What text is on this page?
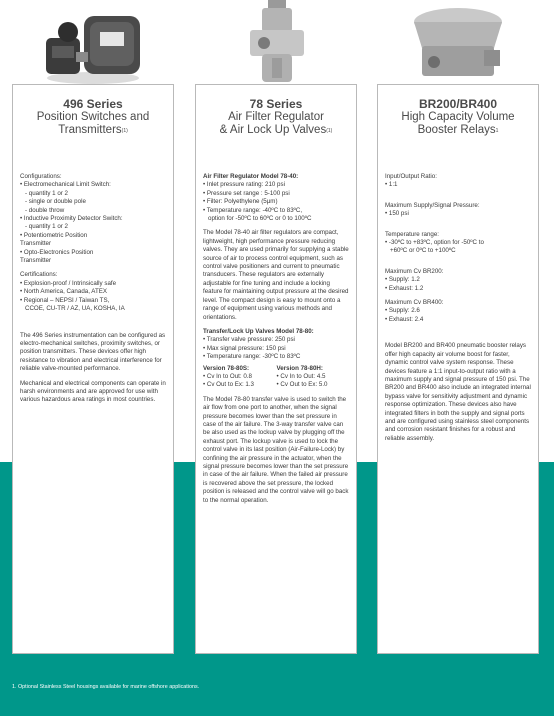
496 Series
Position Switches and
Transmitters$^{(1)}$
Configurations:
• Electromechanical Limit Switch:
- quantity 1 or 2
- single or double pole
- double throw
• Inductive Proximity Detector Switch:
- quantity 1 or 2
• Potentiometric Position
Transmitter
• Opto-Electronics Position
Transmitter
Certifications:
• Explosion-proof / Intrinsically safe
• North America, Canada, ATEX
• Regional – NEPSI / Taiwan TS,
CCOE, CU-TR / AZ, UA, KOSHA, IA
The 496 Series instrumentation can be configured as electro-mechanical switches, proximity switches, or position transmitters. These devices offer high resistance to vibration and electrical interference for reliable valve-mounted performance.
Mechanical and electrical components can operate in harsh environments and are approved for use with various hazardous area ratings in most countries.
78 Series
Air Filter Regulator
& Air Lock Up Valves$^{(1)}$
Air Filter Regulator Model 78-40:
• Inlet pressure rating: 210 psi
• Pressure set range : 5-100 psi
• Filter: Polyethylene (5μm)
• Temperature range: -40ºC to 83ºC,
option for -50ºC to 60ºC or 0 to 100ºC
The Model 78-40 air filter regulators are compact, lightweight, high performance pressure reducing valves. They are used primarily for supplying a stable source of air to process control equipment, such as control valve positioners and current to pneumatic transducers. These regulators are externally adjustable for fine tuning and include a locking feature for maintaining output pressure at the desired level. The compact design is easy to mount onto a range of equipment using various methods and orientations.
Transfer/Lock Up Valves Model 78-80:
• Transfer valve pressure: 250 psi
• Max signal pressure: 150 psi
• Temperature range: -30ºC to 83ºC
Version 78-80S:
• Cv In to Out: 0.8
• Cv Out to Ex: 1.3
Version 78-80H:
• Cv In to Out: 4.5
• Cv Out to Ex: 5.0
The Model 78-80 transfer valve is used to switch the air flow from one port to another, when the signal pressure becomes lower than the set pressure in case of the air failure. The 3-way transfer valve can be also used as the lockup valve by plugging off the exhaust port. The lockup valve is used to lock the control valve in its last position (Air-Failure-Lock) by confining the air pressure in the actuator, when the signal pressure becomes lower than the set pressure in case of the air failure. When the failed air pressure is recovered above the set pressure, the locked position is released and the control valve will go back to the normal operation.
BR200/BR400
High Capacity Volume
Booster Relays$^1$
Input/Output Ratio:
• 1:1
Maximum Supply/Signal Pressure:
• 150 psi
Temperature range:
• -30ºC to +83ºC, option for -50ºC to
+60ºC or 0ºC to +100ºC
Maximum Cv BR200:
• Supply: 1.2
• Exhaust: 1.2
Maximum Cv BR400:
• Supply: 2.6
• Exhaust: 2.4
Model BR200 and BR400 pneumatic booster relays offer high capacity air volume boost for faster, dynamic control valve system response. These devices feature a 1:1 input-to-output ratio with a maximum supply and signal pressure of 150 psi. The BR200 and BR400 also include an integrated internal bypass valve for sensitivity adjustment and dynamic response optimization. These devices also have integrated filters in both the supply and signal ports and are configured using stainless steel components and corrosion resistant finishes for a robust and reliable assembly.
1. Optional Stainless Steel housings available for marine offshore applications.
